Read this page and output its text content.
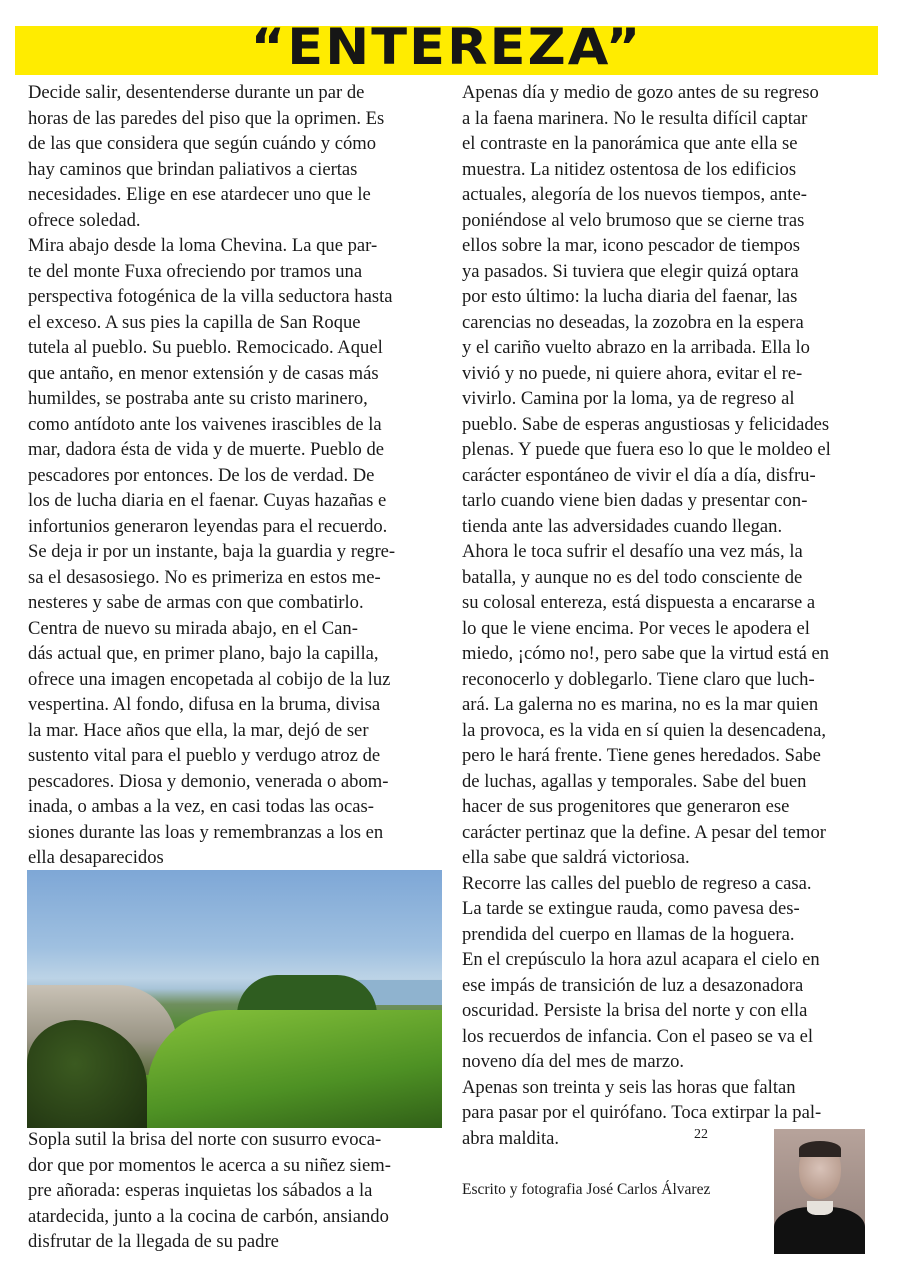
“ENTEREZA”
Decide salir, desentenderse durante un par de
horas de las paredes del piso que la oprimen. Es
de las que considera que según cuándo y cómo
hay caminos que brindan paliativos a ciertas
necesidades. Elige en ese atardecer uno que le
ofrece soledad.
Mira abajo desde la loma Chevina. La que par-
te del monte Fuxa ofreciendo por tramos una
perspectiva fotogénica de la villa seductora hasta
el exceso. A sus pies la capilla de San Roque
tutela al pueblo. Su pueblo. Remocicado. Aquel
que antaño, en menor extensión y de casas más
humildes, se postraba ante su cristo marinero,
como antídoto ante los vaivenes irascibles de la
mar, dadora ésta de vida y de muerte. Pueblo de
pescadores por entonces. De los de verdad. De
los de lucha diaria en el faenar. Cuyas hazañas e
infortunios generaron leyendas para el recuerdo.
Se deja ir por un instante, baja la guardia y regre-
sa el desasosiego. No es primeriza en estos me-
nesteres y sabe de armas con que combatirlo.
Centra de nuevo su mirada abajo, en el Can-
dás actual que, en primer plano, bajo la capilla,
ofrece una imagen encopetada al cobijo de la luz
vespertina. Al fondo, difusa en la bruma, divisa
la mar. Hace años que ella, la mar, dejó de ser
sustento vital para el pueblo y verdugo atroz de
pescadores. Diosa y demonio, venerada o abom-
inada, o ambas a la vez, en casi todas las ocas-
siones durante las loas y remembranzas a los en
ella desaparecidos
Sopla sutil la brisa del norte con susurro evoca-
dor que por momentos le acerca a su niñez siem-
pre añorada: esperas inquietas los sábados a la
atardecida, junto a la cocina de carbón, ansiando
disfrutar de la llegada de su padre
Apenas día y medio de gozo antes de su regreso
a la faena marinera. No le resulta difícil captar
el contraste en la panorámica que ante ella se
muestra. La nitidez ostentosa de los edificios
actuales, alegoría de los nuevos tiempos, ante-
poniéndose al velo brumoso que se cierne tras
ellos sobre la mar, icono pescador de tiempos
ya pasados. Si tuviera que elegir quizá optara
por esto último: la lucha diaria del faenar, las
carencias no deseadas, la zozobra en la espera
y el cariño vuelto abrazo en la arribada. Ella lo
vivió y no puede, ni quiere ahora, evitar el re-
vivirlo. Camina por la loma, ya de regreso al
pueblo. Sabe de esperas angustiosas y felicidades
plenas. Y puede que fuera eso lo que le moldeo el
carácter espontáneo de vivir el día a día, disfru-
tarlo cuando viene bien dadas y presentar con-
tienda ante las adversidades cuando llegan.
Ahora le toca sufrir el desafío una vez más, la
batalla, y aunque no es del todo consciente de
su colosal entereza, está dispuesta a encararse a
lo que le viene encima. Por veces le apodera el
miedo, ¡cómo no!, pero sabe que la virtud está en
reconocerlo y doblegarlo. Tiene claro que luch-
ará. La galerna no es marina, no es la mar quien
la provoca, es la vida en sí quien la desencadena,
pero le hará frente. Tiene genes heredados. Sabe
de luchas, agallas y temporales. Sabe del buen
hacer de sus progenitores que generaron ese
carácter pertinaz que la define. A pesar del temor
ella sabe que saldrá victoriosa.
Recorre las calles del pueblo de regreso a casa.
La tarde se extingue rauda, como pavesa des-
prendida del cuerpo en llamas de la hoguera.
En el crepúsculo la hora azul acapara el cielo en
ese impás de transición de luz a desazonadora
oscuridad. Persiste la brisa del norte y con ella
los recuerdos de infancia. Con el paseo se va el
noveno día del mes de marzo.
Apenas son treinta y seis las horas que faltan
para pasar por el quirófano. Toca extirpar la pal-
abra maldita.	22
Escrito y fotografia José Carlos Álvarez
